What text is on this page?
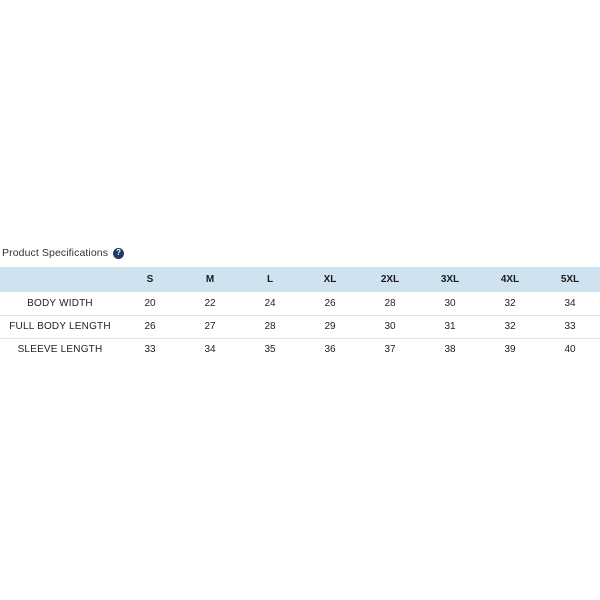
Product Specifications	?
	S	M	L	XL	2XL	3XL	4XL	5XL
BODY WIDTH	20	22	24	26	28	30	32	34
FULL BODY LENGTH	26	27	28	29	30	31	32	33
SLEEVE LENGTH	33	34	35	36	37	38	39	40
